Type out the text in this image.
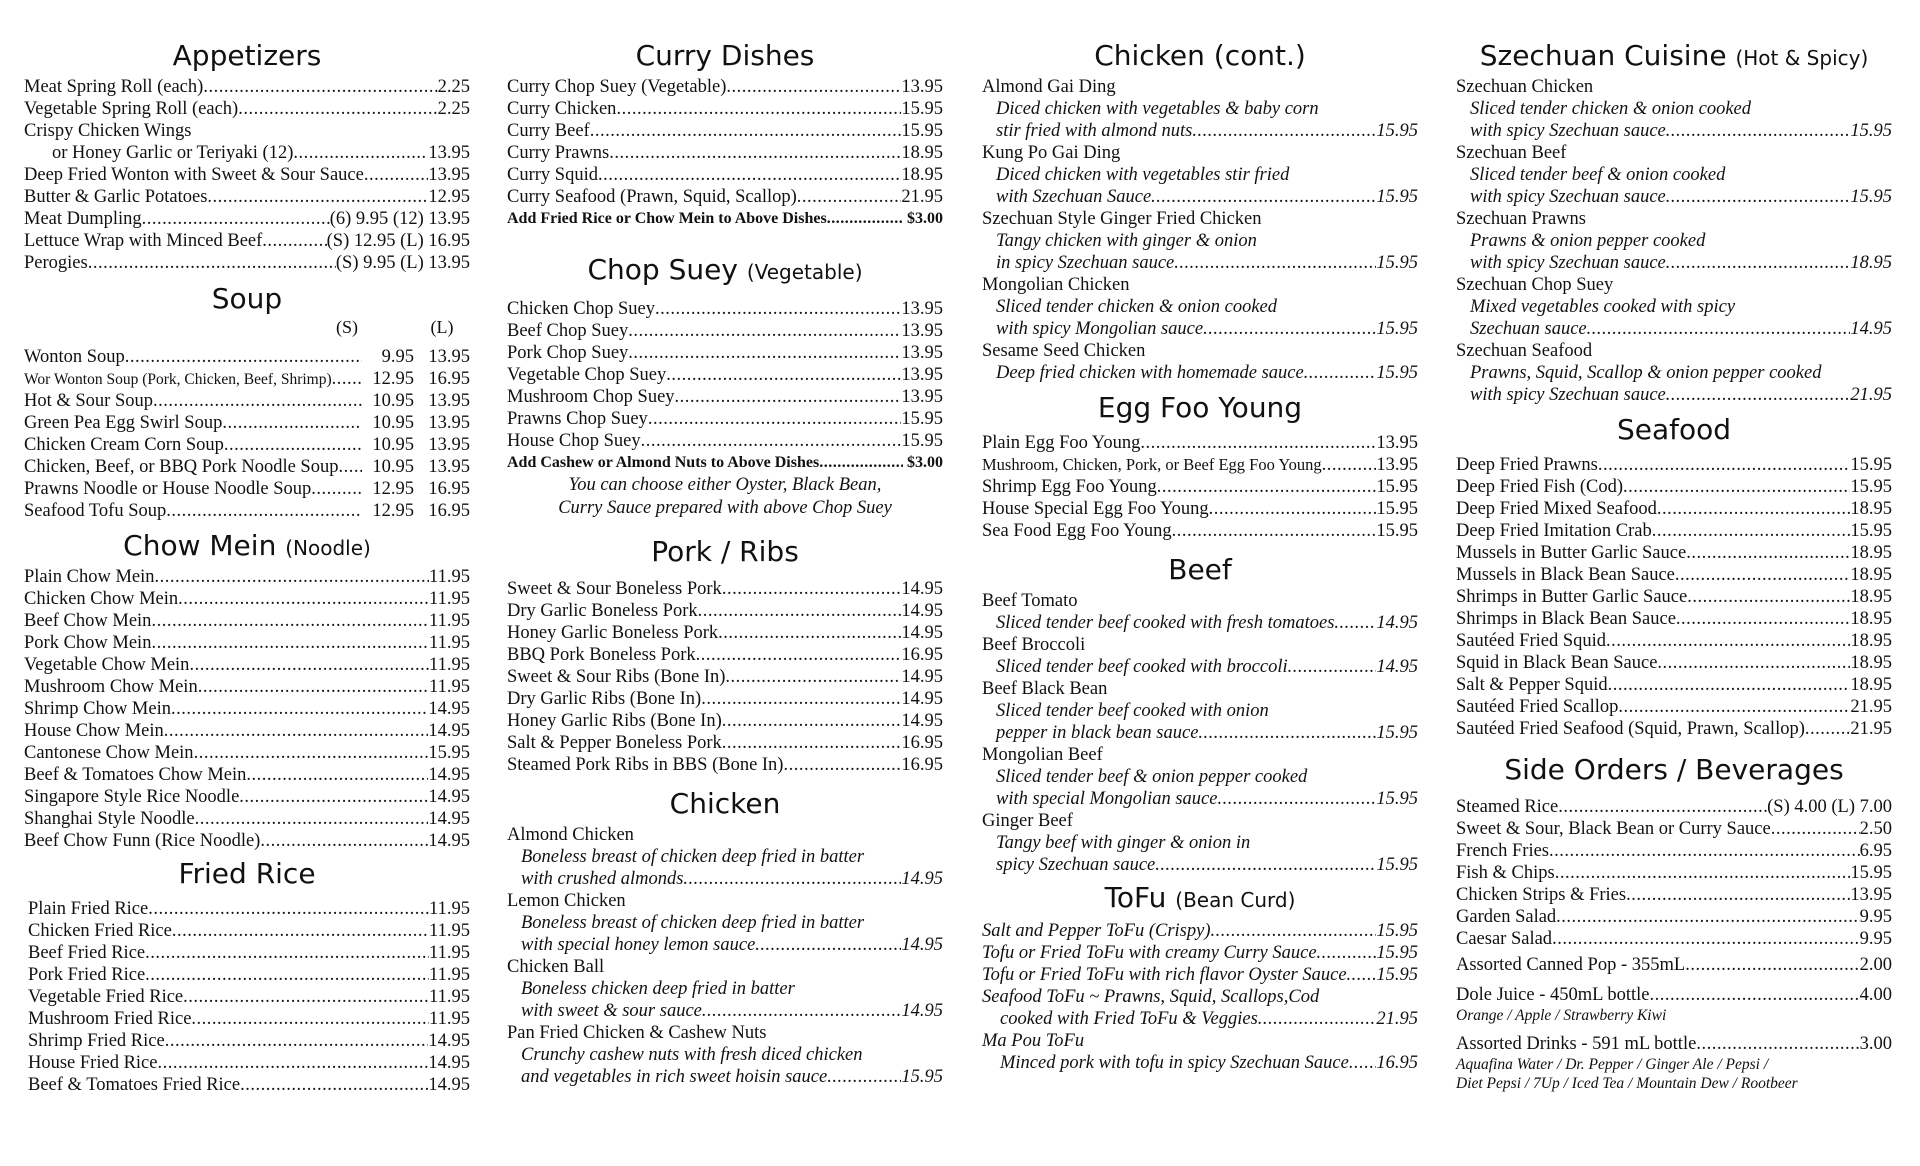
Appetizers
Meat Spring Roll (each) .....	2.25
Vegetable Spring Roll (each) .....	2.25
Crispy Chicken Wings
or Honey Garlic or Teriyaki (12) .....	13.95
Deep Fried Wonton with Sweet & Sour Sauce .....	13.95
Butter & Garlic Potatoes .....	12.95
Meat Dumpling .....	(6) 9.95 (12) 13.95
Lettuce Wrap with Minced Beef .....	(S) 12.95 (L) 16.95
Perogies .....	(S) 9.95 (L) 13.95
Soup
(S)	(L)
Wonton Soup .....	9.95 13.95
Wor Wonton Soup (Pork, Chicken, Beef, Shrimp) .....	12.95 16.95
Hot & Sour Soup .....	10.95 13.95
Green Pea Egg Swirl Soup .....	10.95 13.95
Chicken Cream Corn Soup .....	10.95 13.95
Chicken, Beef, or BBQ Pork Noodle Soup .....	10.95 13.95
Prawns Noodle or House Noodle Soup .....	12.95 16.95
Seafood Tofu Soup .....	12.95 16.95
Chow Mein (Noodle)
Plain Chow Mein .....	11.95
Chicken Chow Mein .....	11.95
Beef Chow Mein .....	11.95
Pork Chow Mein .....	11.95
Vegetable Chow Mein .....	11.95
Mushroom Chow Mein .....	11.95
Shrimp Chow Mein .....	14.95
House Chow Mein .....	14.95
Cantonese Chow Mein .....	15.95
Beef & Tomatoes Chow Mein .....	14.95
Singapore Style Rice Noodle .....	14.95
Shanghai Style Noodle .....	14.95
Beef Chow Funn (Rice Noodle) .....	14.95
Fried Rice
Plain Fried Rice .....	11.95
Chicken Fried Rice .....	11.95
Beef Fried Rice .....	11.95
Pork Fried Rice .....	11.95
Vegetable Fried Rice .....	11.95
Mushroom Fried Rice .....	11.95
Shrimp Fried Rice .....	14.95
House Fried Rice .....	14.95
Beef & Tomatoes Fried Rice .....	14.95
Curry Dishes
Curry Chop Suey (Vegetable) .....	13.95
Curry Chicken .....	15.95
Curry Beef .....	15.95
Curry Prawns .....	18.95
Curry Squid .....	18.95
Curry Seafood (Prawn, Squid, Scallop) .....	21.95
Add Fried Rice or Chow Mein to Above Dishes .....	$3.00
Chop Suey (Vegetable)
Chicken Chop Suey .....	13.95
Beef Chop Suey .....	13.95
Pork Chop Suey .....	13.95
Vegetable Chop Suey .....	13.95
Mushroom Chop Suey .....	13.95
Prawns Chop Suey .....	15.95
House Chop Suey .....	15.95
Add Cashew or Almond Nuts to Above Dishes .....	$3.00
You can choose either Oyster, Black Bean,
Curry Sauce prepared with above Chop Suey
Pork / Ribs
Sweet & Sour Boneless Pork .....	14.95
Dry Garlic Boneless Pork .....	14.95
Honey Garlic Boneless Pork .....	14.95
BBQ Pork Boneless Pork .....	16.95
Sweet & Sour Ribs (Bone In) .....	14.95
Dry Garlic Ribs (Bone In) .....	14.95
Honey Garlic Ribs (Bone In) .....	14.95
Salt & Pepper Boneless Pork .....	16.95
Steamed Pork Ribs in BBS (Bone In) .....	16.95
Chicken
Almond Chicken
Boneless breast of chicken deep fried in batter
with crushed almonds .....	14.95
Lemon Chicken
Boneless breast of chicken deep fried in batter
with special honey lemon sauce .....	14.95
Chicken Ball
Boneless chicken deep fried in batter
with sweet & sour sauce .....	14.95
Pan Fried Chicken & Cashew Nuts
Crunchy cashew nuts with fresh diced chicken
and vegetables in rich sweet hoisin sauce .....	15.95
Chicken (cont.)
Almond Gai Ding
Diced chicken with vegetables & baby corn
stir fried with almond nuts .....	15.95
Kung Po Gai Ding
Diced chicken with vegetables stir fried
with Szechuan Sauce .....	15.95
Szechuan Style Ginger Fried Chicken
Tangy chicken with ginger & onion
in spicy Szechuan sauce .....	15.95
Mongolian Chicken
Sliced tender chicken & onion cooked
with spicy Mongolian sauce .....	15.95
Sesame Seed Chicken
Deep fried chicken with homemade sauce .....	15.95
Egg Foo Young
Plain Egg Foo Young .....	13.95
Mushroom, Chicken, Pork, or Beef Egg Foo Young .....	13.95
Shrimp Egg Foo Young .....	15.95
House Special Egg Foo Young .....	15.95
Sea Food Egg Foo Young .....	15.95
Beef
Beef Tomato
Sliced tender beef cooked with fresh tomatoes ..... 14.95
Beef Broccoli
Sliced tender beef cooked with broccoli .....	14.95
Beef Black Bean
Sliced tender beef cooked with onion
pepper in black bean sauce .....	15.95
Mongolian Beef
Sliced tender beef & onion pepper cooked
with special Mongolian sauce .....	15.95
Ginger Beef
Tangy beef with ginger & onion in
spicy Szechuan sauce .....	15.95
ToFu (Bean Curd)
Salt and Pepper ToFu (Crispy) .....	15.95
Tofu or Fried ToFu with creamy Curry Sauce .....	15.95
Tofu or Fried ToFu with rich flavor Oyster Sauce ..... 15.95
Seafood ToFu ~ Prawns, Squid, Scallops,Cod
cooked with Fried ToFu & Veggies .....	21.95
Ma Pou ToFu
Minced pork with tofu in spicy Szechuan Sauce ..... 16.95
Szechuan Cuisine (Hot & Spicy)
Szechuan Chicken
Sliced tender chicken & onion cooked
with spicy Szechuan sauce .....	15.95
Szechuan Beef
Sliced tender beef & onion cooked
with spicy Szechuan sauce .....	15.95
Szechuan Prawns
Prawns & onion pepper cooked
with spicy Szechuan sauce .....	18.95
Szechuan Chop Suey
Mixed vegetables cooked with spicy
Szechuan sauce .....	14.95
Szechuan Seafood
Prawns, Squid, Scallop & onion pepper cooked
with spicy Szechuan sauce .....	21.95
Seafood
Deep Fried Prawns .....	15.95
Deep Fried Fish (Cod) .....	15.95
Deep Fried Mixed Seafood .....	18.95
Deep Fried Imitation Crab .....	15.95
Mussels in Butter Garlic Sauce .....	18.95
Mussels in Black Bean Sauce .....	18.95
Shrimps in Butter Garlic Sauce .....	18.95
Shrimps in Black Bean Sauce .....	18.95
Sautéed Fried Squid .....	18.95
Squid in Black Bean Sauce .....	18.95
Salt & Pepper Squid .....	18.95
Sautéed Fried Scallop .....	21.95
Sautéed Fried Seafood (Squid, Prawn, Scallop) ..... 21.95
Side Orders / Beverages
Steamed Rice .....	(S) 4.00 (L) 7.00
Sweet & Sour, Black Bean or Curry Sauce .....	2.50
French Fries .....	6.95
Fish & Chips .....	15.95
Chicken Strips & Fries .....	13.95
Garden Salad .....	9.95
Caesar Salad .....	9.95
Assorted Canned Pop - 355mL .....	2.00
Dole Juice - 450mL bottle .....	4.00
Orange / Apple / Strawberry Kiwi
Assorted Drinks - 591 mL bottle .....	3.00
Aquafina Water / Dr. Pepper / Ginger Ale / Pepsi /
Diet Pepsi / 7Up / Iced Tea / Mountain Dew / Rootbeer
